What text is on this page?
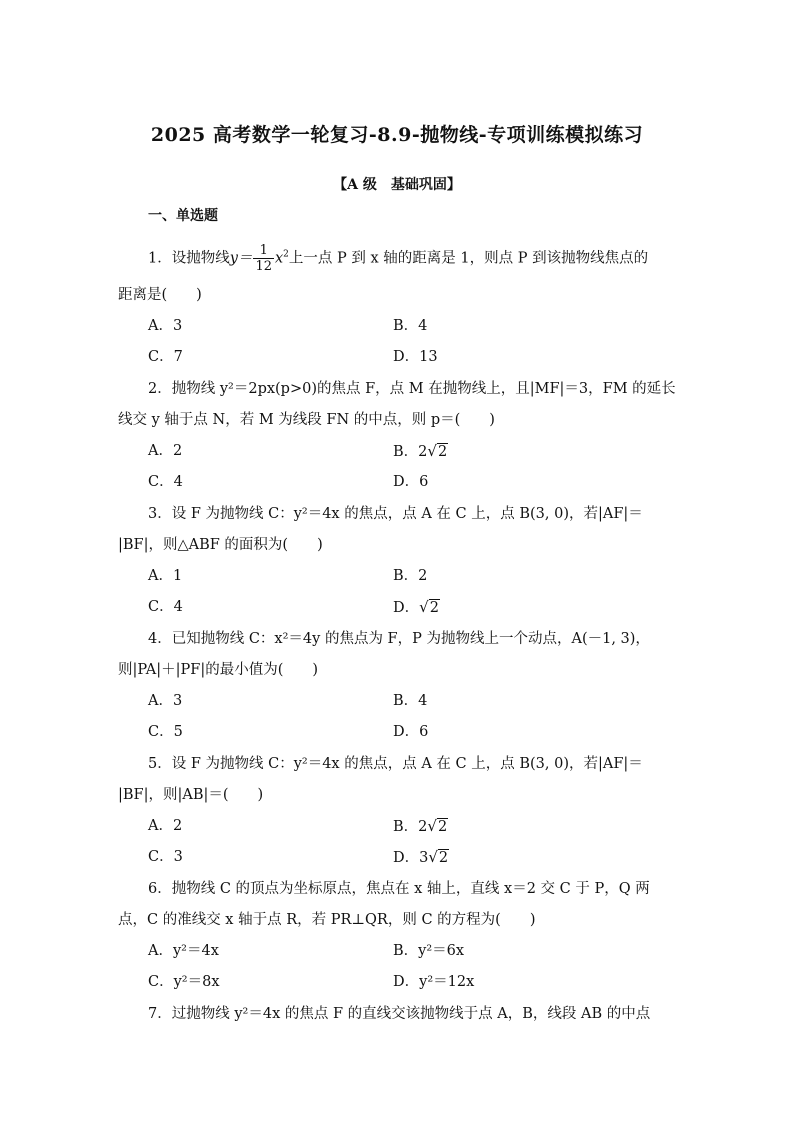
2025 高考数学一轮复习-8.9-抛物线-专项训练模拟练习
【A 级　基础巩固】
一、单选题
1．设抛物线$y= \frac{1}{12} x^2$上一点 P 到 x 轴的距离是 1，则点 P 到该抛物线焦点的
距离是(　　)
A．3	B．4
C．7	D．13
2．抛物线 y²＝2px(p>0)的焦点 F，点 M 在抛物线上，且|MF|＝3，FM 的延长
线交 y 轴于点 N，若 M 为线段 FN 的中点，则 p＝(　　)
A．2	B．2√2
C．4	D．6
3．设 F 为抛物线 C：y²＝4x 的焦点，点 A 在 C 上，点 B(3, 0)，若|AF|＝
|BF|，则△ABF 的面积为(　　)
A．1	B．2
C．4	D．√2
4．已知抛物线 C：x²＝4y 的焦点为 F，P 为抛物线上一个动点，A(－1, 3)，
则|PA|＋|PF|的最小值为(　　)
A．3	B．4
C．5	D．6
5．设 F 为抛物线 C：y²＝4x 的焦点，点 A 在 C 上，点 B(3, 0)，若|AF|＝
|BF|，则|AB|＝(　　)
A．2	B．2√2
C．3	D．3√2
6．抛物线 C 的顶点为坐标原点，焦点在 x 轴上，直线 x＝2 交 C 于 P，Q 两
点，C 的准线交 x 轴于点 R，若 PR⊥QR，则 C 的方程为(　　)
A．y²＝4x	B．y²＝6x
C．y²＝8x	D．y²＝12x
7．过抛物线 y²＝4x 的焦点 F 的直线交该抛物线于点 A，B，线段 AB 的中点
